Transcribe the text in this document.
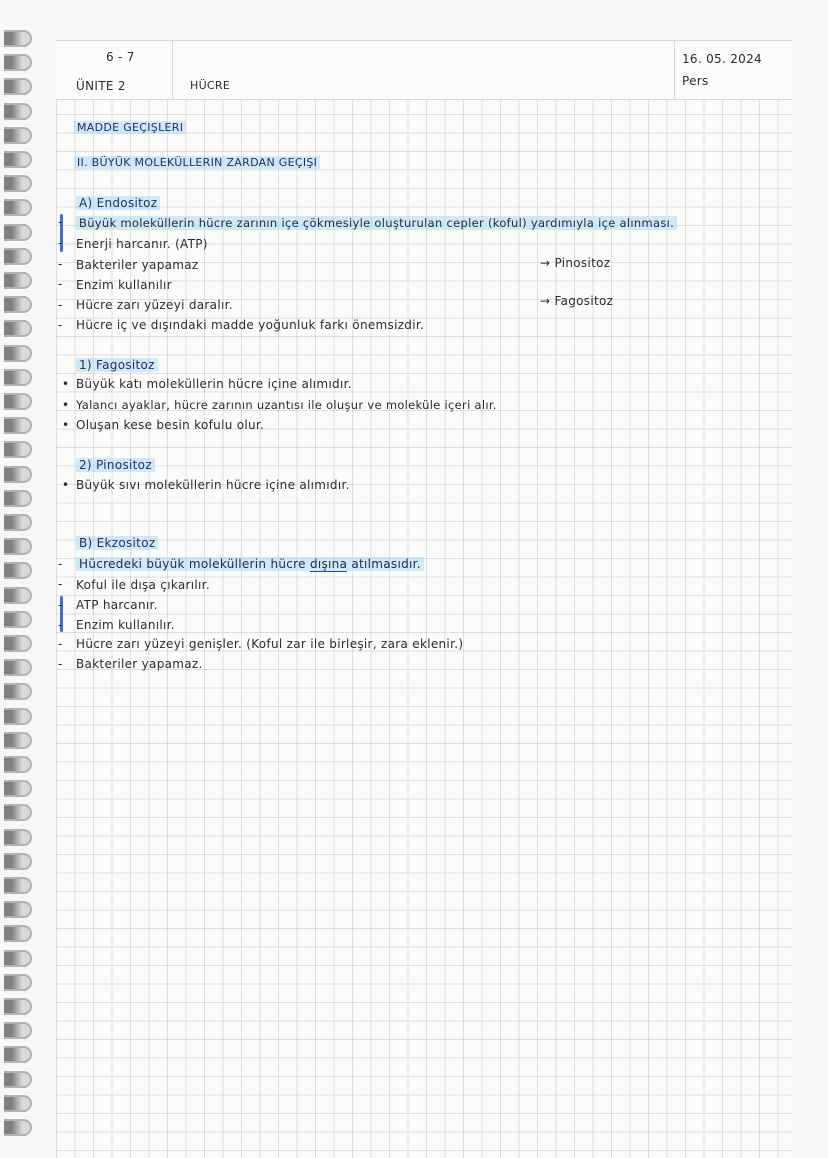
6 - 7
ÜNITE 2	HÜCRE
16. 05. 2024
Pers
MADDE GEÇIŞLERI
II. BÜYÜK MOLEKÜLLERIN ZARDAN GEÇIŞI
A) Endositoz
- Büyük moleküllerin hücre zarının içe çökmesiyle oluşturulan cepler (koful) yardımıyla içe alınması.
- Enerji harcanır. (ATP)
- Bakteriler yapamaz
- Enzim kullanılır
- Hücre zarı yüzeyi daralır.
- Hücre iç ve dışındaki madde yoğunluk farkı önemsizdir.
→ Pinositoz
→ Fagositoz
1) Fagositoz
• Büyük katı moleküllerin hücre içine alımıdır.
• Yalancı ayaklar, hücre zarının uzantısı ile oluşur ve moleküle içeri alır.
• Oluşan kese besin kofulu olur.
2) Pinositoz
• Büyük sıvı moleküllerin hücre içine alımıdır.
B) Ekzositoz
- Hücredeki büyük moleküllerin hücre dışına atılmasıdır.
- Koful ile dışa çıkarılır.
- ATP harcanır.
- Enzim kullanılır.
- Hücre zarı yüzeyi genişler. (Koful zar ile birleşir, zara eklenir.)
- Bakteriler yapamaz.
